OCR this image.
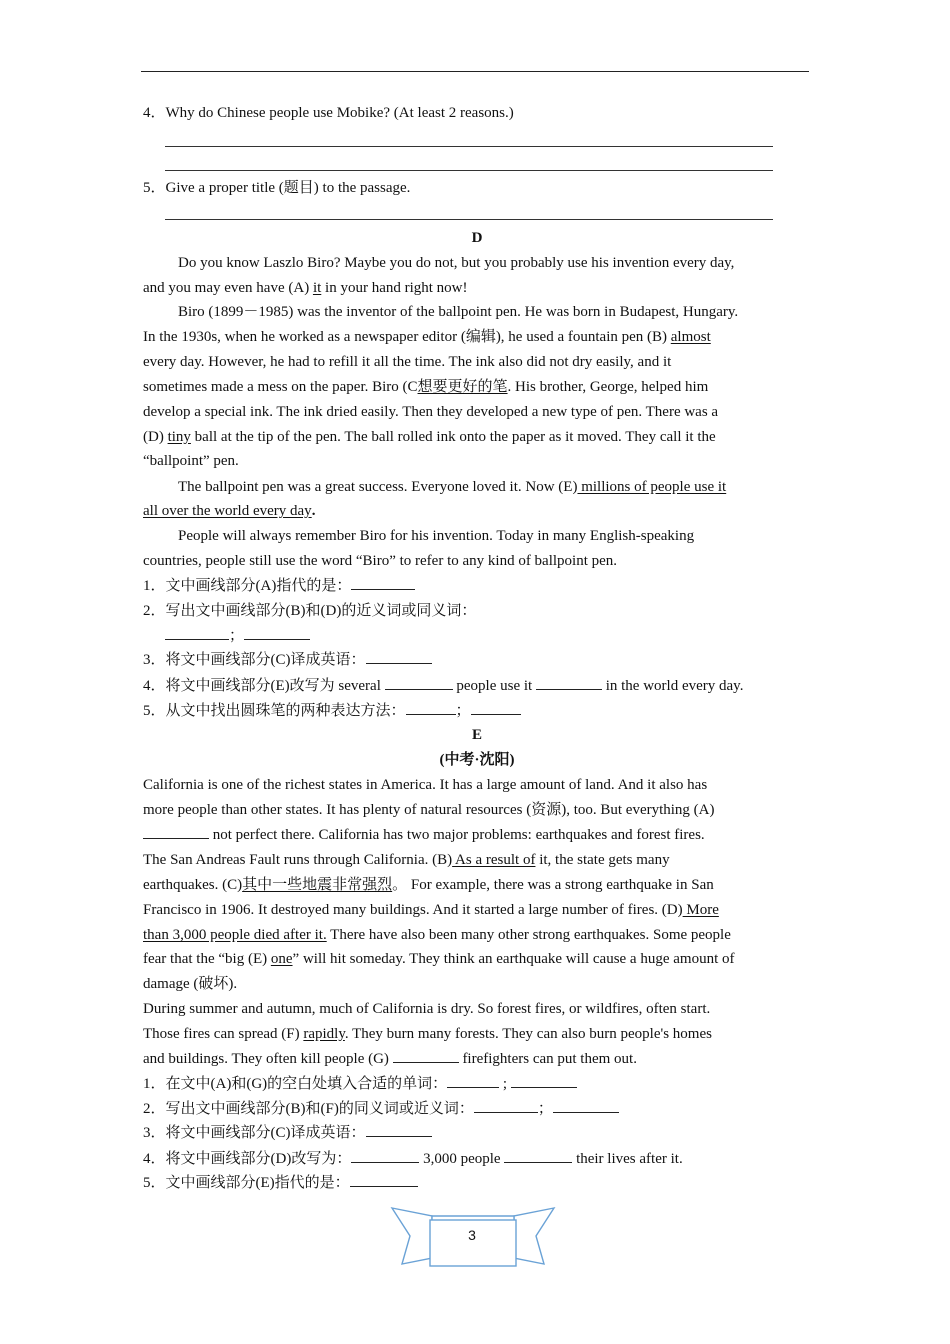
4．Why do Chinese people use Mobike? (At least 2 reasons.)
5．Give a proper title (题目) to the passage.
D
Do you know Laszlo Biro? Maybe you do not, but you probably use his invention every day,
and you may even have (A) it in your hand right now!
Biro (1899－1985) was the inventor of the ballpoint pen. He was born in Budapest, Hungary.
In the 1930s, when he worked as a newspaper editor (编辑), he used a fountain pen (B) almost
every day. However, he had to refill it all the time. The ink also did not dry easily, and it
sometimes made a mess on the paper. Biro (C想要更好的笔. His brother, George, helped him
develop a special ink. The ink dried easily. Then they developed a new type of pen. There was a
(D) tiny ball at the tip of the pen. The ball rolled ink onto the paper as it moved. They call it the
“ballpoint” pen.
The ballpoint pen was a great success. Everyone loved it. Now (E) millions of people use it
all over the world every day.
People will always remember Biro for his invention. Today in many English-speaking
countries, people still use the word “Biro” to refer to any kind of ballpoint pen.
1．文中画线部分(A)指代的是：
2．写出文中画线部分(B)和(D)的近义词或同义词：
；
3．将文中画线部分(C)译成英语：
4．将文中画线部分(E)改写为 several	people use it	in the world every day.
5．从文中找出圆珠笔的两种表达方法：	；
E
(中考·沈阳)
California is one of the richest states in America. It has a large amount of land. And it also has
more people than other states. It has plenty of natural resources (资源), too. But everything (A)
not perfect there. California has two major problems: earthquakes and forest fires.
The San Andreas Fault runs through California. (B) As a result of it, the state gets many
earthquakes. (C)其中一些地震非常强烈。 For example, there was a strong earthquake in San
Francisco in 1906. It destroyed many buildings. And it started a large number of fires. (D) More
than 3,000 people died after it. There have also been many other strong earthquakes. Some people
fear that the “big (E) one” will hit someday. They think an earthquake will cause a huge amount of
damage (破坏).
During summer and autumn, much of California is dry. So forest fires, or wildfires, often start.
Those fires can spread (F) rapidly. They burn many forests. They can also burn people's homes
and buildings. They often kill people (G)	firefighters can put them out.
1．在文中(A)和(G)的空白处填入合适的单词：	;
2．写出文中画线部分(B)和(F)的同义词或近义词：	；
3．将文中画线部分(C)译成英语：
4．将文中画线部分(D)改写为：	3,000 people	their lives after it.
5．文中画线部分(E)指代的是：
3
